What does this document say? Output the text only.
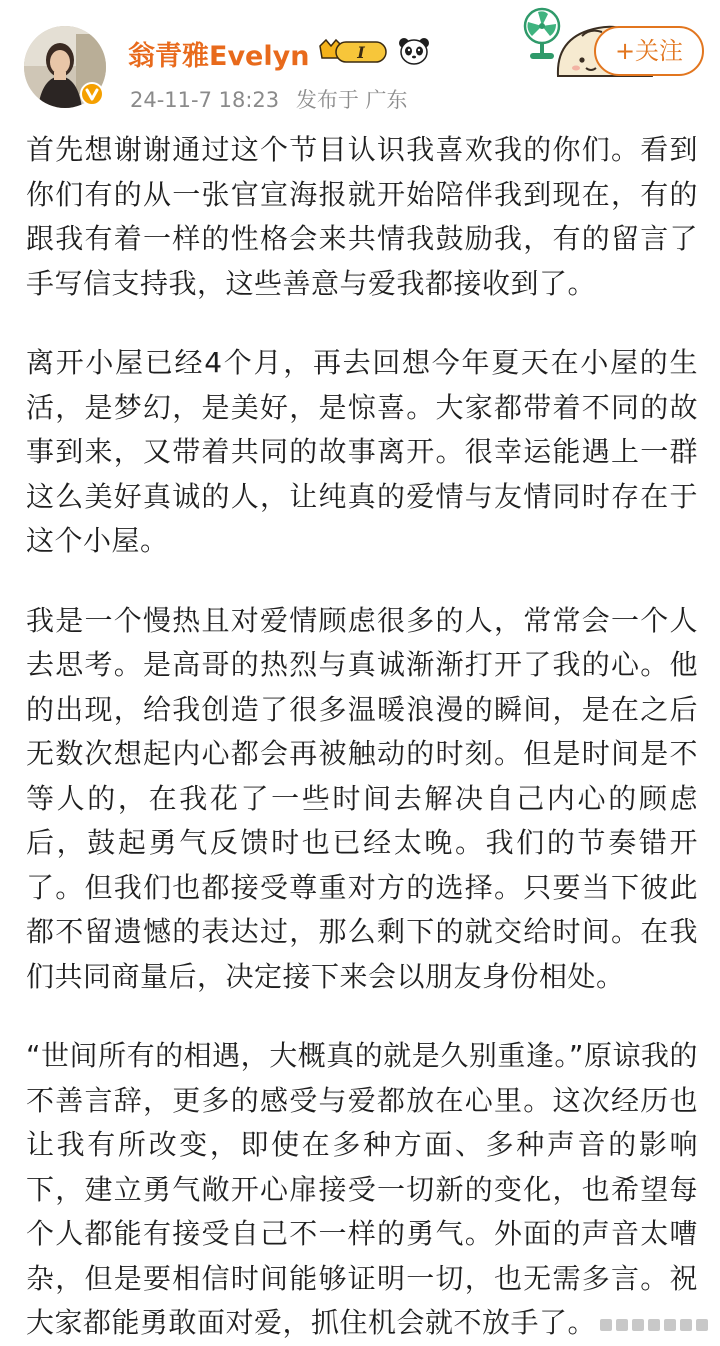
翁青雅Evelyn	I
24-11-7 18:23 发布于 广东
+关注

首先想谢谢通过这个节目认识我喜欢我的你们。看到你们有的从一张官宣海报就开始陪伴我到现在，有的跟我有着一样的性格会来共情我鼓励我，有的留言了手写信支持我，这些善意与爱我都接收到了。

离开小屋已经4个月，再去回想今年夏天在小屋的生活，是梦幻，是美好，是惊喜。大家都带着不同的故事到来，又带着共同的故事离开。很幸运能遇上一群这么美好真诚的人，让纯真的爱情与友情同时存在于这个小屋。

我是一个慢热且对爱情顾虑很多的人，常常会一个人去思考。是高哥的热烈与真诚渐渐打开了我的心。他的出现，给我创造了很多温暖浪漫的瞬间，是在之后无数次想起内心都会再被触动的时刻。但是时间是不等人的，在我花了一些时间去解决自己内心的顾虑后，鼓起勇气反馈时也已经太晚。我们的节奏错开了。但我们也都接受尊重对方的选择。只要当下彼此都不留遗憾的表达过，那么剩下的就交给时间。在我们共同商量后，决定接下来会以朋友身份相处。

“世间所有的相遇，大概真的就是久别重逢。”原谅我的不善言辞，更多的感受与爱都放在心里。这次经历也让我有所改变，即使在多种方面、多种声音的影响下，建立勇气敞开心扉接受一切新的变化，也希望每个人都能有接受自己不一样的勇气。外面的声音太嘈杂，但是要相信时间能够证明一切，也无需多言。祝大家都能勇敢面对爱，抓住机会就不放手了。
